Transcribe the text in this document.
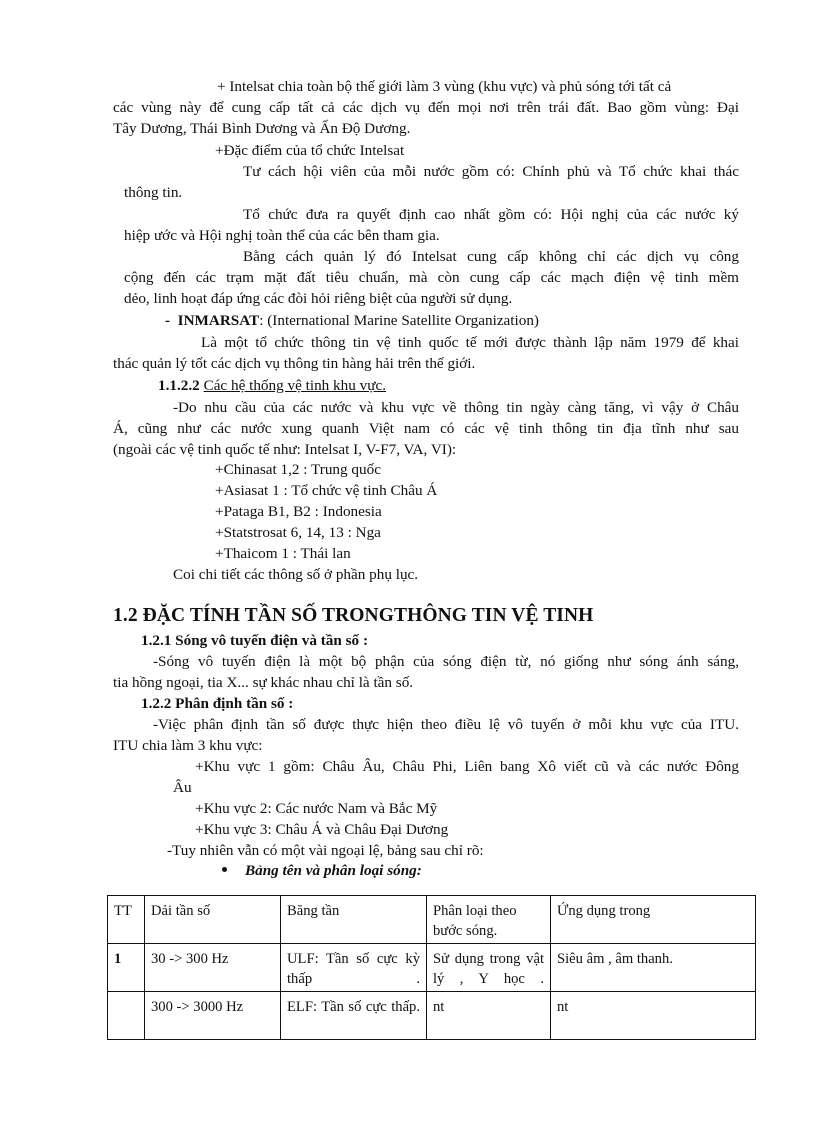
+ Intelsat chia toàn bộ thế giới làm 3 vùng (khu vực) và phủ sóng tới tất cả
các vùng này để cung cấp tất cả các dịch vụ đến mọi nơi trên trái đất. Bao gồm vùng: Đại
Tây Dương, Thái Bình Dương và Ấn Độ Dương.
+Đặc điểm của tổ chức Intelsat
Tư cách hội viên của mỗi nước gồm có: Chính phủ và Tổ chức khai thác
thông tin.
Tổ chức đưa ra quyết định cao nhất gồm có: Hội nghị của các nước ký
hiệp ước và Hội nghị toàn thể của các bên tham gia.
Bằng cách quản lý đó Intelsat cung cấp không chỉ các dịch vụ công
cộng đến các trạm mặt đất tiêu chuẩn, mà còn cung cấp các mạch điện vệ tinh mềm
dẻo, linh hoạt đáp ứng các đòi hỏi riêng biệt của người sử dụng.
- INMARSAT: (International Marine Satellite Organization)
Là một tổ chức thông tin vệ tinh quốc tế mới được thành lập năm 1979 để khai
thác quản lý tốt các dịch vụ thông tin hàng hải trên thế giới.
1.1.2.2 Các hệ thống vệ tinh khu vực.
-Do nhu cầu của các nước và khu vực về thông tin ngày càng tăng, vì vậy ở Châu
Á, cũng như các nước xung quanh Việt nam có các vệ tinh thông tin địa tĩnh như sau
(ngoài các vệ tinh quốc tế như: Intelsat I, V-F7, VA, VI):
+Chinasat 1,2 : Trung quốc
+Asiasat 1 : Tổ chức vệ tinh Châu Á
+Pataga B1, B2 : Indonesia
+Statstrosat 6, 14, 13 : Nga
+Thaicom 1 : Thái lan
Coi chi tiết các thông số ở phần phụ lục.
1.2 ĐẶC TÍNH TẦN SỐ TRONGTHÔNG TIN VỆ TINH
1.2.1 Sóng vô tuyến điện và tần số :
-Sóng vô tuyến điện là một bộ phận của sóng điện từ, nó giống như sóng ánh sáng,
tia hồng ngoại, tia X... sự khác nhau chỉ là tần số.
1.2.2 Phân định tần số :
-Việc phân định tần số được thực hiện theo điều lệ vô tuyến ở mỗi khu vực của ITU.
ITU chia làm 3 khu vực:
+Khu vực 1 gồm: Châu Âu, Châu Phi, Liên bang Xô viết cũ và các nước Đông
Âu
+Khu vực 2: Các nước Nam và Bắc Mỹ
+Khu vực 3: Châu Á và Châu Đại Dương
-Tuy nhiên vẫn có một vài ngoại lệ, bảng sau chỉ rõ:
Bảng tên và phân loại sóng:
TT	Dải tần số	Băng tần	Phân loại theo bước sóng.	Ứng dụng trong
1	30 -> 300 Hz	ULF: Tần số cực kỳ thấp .	Sử dụng trong vật lý , Y học .	Siêu âm , âm thanh.
	300 -> 3000 Hz	ELF: Tần số cực thấp.	nt	nt
